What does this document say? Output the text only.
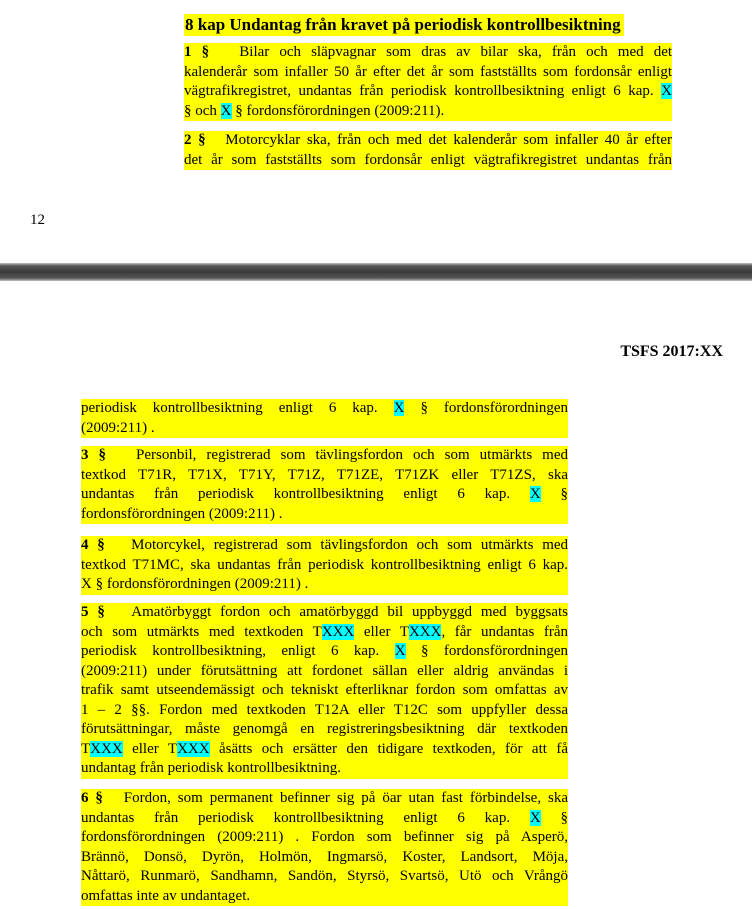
8 kap Undantag från kravet på periodisk kontrollbesiktning
1 § Bilar och släpvagnar som dras av bilar ska, från och med det
kalenderår som infaller 50 år efter det år som fastställts som fordonsår enligt
vägtrafikregistret, undantas från periodisk kontrollbesiktning enligt 6 kap. X
§ och X § fordonsförordningen (2009:211).
2 § Motorcyklar ska, från och med det kalenderår som infaller 40 år efter
det år som fastställts som fordonsår enligt vägtrafikregistret undantas från
12
TSFS 2017:XX
periodisk kontrollbesiktning enligt 6 kap. X § fordonsförordningen
(2009:211) .
3 § Personbil, registrerad som tävlingsfordon och som utmärkts med
textkod T71R, T71X, T71Y, T71Z, T71ZE, T71ZK eller T71ZS, ska
undantas från periodisk kontrollbesiktning enligt 6 kap. X §
fordonsförordningen (2009:211) .
4 § Motorcykel, registrerad som tävlingsfordon och som utmärkts med
textkod T71MC, ska undantas från periodisk kontrollbesiktning enligt 6 kap.
X § fordonsförordningen (2009:211) .
5 § Amatörbyggt fordon och amatörbyggd bil uppbyggd med byggsats
och som utmärkts med textkoden TXXX eller TXXX, får undantas från
periodisk kontrollbesiktning, enligt 6 kap. X § fordonsförordningen
(2009:211) under förutsättning att fordonet sällan eller aldrig användas i
trafik samt utseendemässigt och tekniskt efterliknar fordon som omfattas av
1 – 2 §§. Fordon med textkoden T12A eller T12C som uppfyller dessa
förutsättningar, måste genomgå en registreringsbesiktning där textkoden
TXXX eller TXXX åsätts och ersätter den tidigare textkoden, för att få
undantag från periodisk kontrollbesiktning.
6 § Fordon, som permanent befinner sig på öar utan fast förbindelse, ska
undantas från periodisk kontrollbesiktning enligt 6 kap. X §
fordonsförordningen (2009:211) . Fordon som befinner sig på Asperö,
Brännö, Donsö, Dyrön, Holmön, Ingmarsö, Koster, Landsort, Möja,
Nåttarö, Runmarö, Sandhamn, Sandön, Styrsö, Svartsö, Utö och Vrångö
omfattas inte av undantaget.
